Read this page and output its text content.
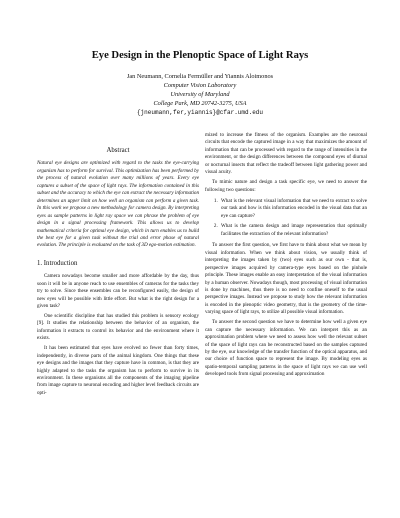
Eye Design in the Plenoptic Space of Light Rays
Jan Neumann, Cornelia Fermüller and Yiannis Aloimonos
Computer Vision Laboratory
University of Maryland
College Park, MD 20742-3275, USA
{jneumann,fer,yiannis}@cfar.umd.edu
Abstract

Natural eye designs are optimized with regard to the tasks the eye-carrying organism has to perform for survival. This optimization has been performed by the process of natural evolution over many millions of years. Every eye captures a subset of the space of light rays. The information contained in this subset and the accuracy to which the eye can extract the necessary information determines an upper limit on how well an organism can perform a given task. In this work we propose a new methodology for camera design. By interpreting eyes as sample patterns in light ray space we can phrase the problem of eye design in a signal processing framework. This allows us to develop mathematical criteria for optimal eye design, which in turn enables us to build the best eye for a given task without the trial and error phase of natural evolution. The principle is evaluated on the task of 3D ego-motion estimation.

1. Introduction

Camera nowadays become smaller and more affordable by the day, thus soon it will be in anyone reach to use ensembles of cameras for the tasks they try to solve. Since these ensembles can be reconfigured easily, the design of new eyes will be possible with little effort. But what is the right design for a given task?

One scientific discipline that has studied this problem is sensory ecology [9]. It studies the relationship between the behavior of an organism, the information it extracts to control its behavior and the environment where it exists.

It has been estimated that eyes have evolved no fewer than forty times, independently, in diverse parts of the animal kingdom. One things that these eye designs and the images that they capture have in common, is that they are highly adapted to the tasks the organism has to perform to survive in its environment. In these organisms all the components of the imaging pipeline from image capture to neuronal encoding and higher level feedback circuits are opti-

mized to increase the fitness of the organism. Examples are the neuronal circuits that encode the captured image in a way that maximizes the amount of information that can be processed with regard to the range of intensities in the environment, or the design differences between the compound eyes of diurnal or nocturnal insects that reflect the tradeoff between light gathering power and visual acuity.

To mimic nature and design a task specific eye, we need to answer the following two questions:

1. What is the relevant visual information that we need to extract to solve our task and how is this information encoded in the visual data that an eye can capture?
2. What is the camera design and image representation that optimally facilitates the extraction of the relevant information?

To answer the first question, we first have to think about what we mean by visual information. When we think about vision, we usually think of interpreting the images taken by (two) eyes such as our own - that is, perspective images acquired by camera-type eyes based on the pinhole principle. These images enable an easy interpretation of the visual information by a human observer. Nowadays though, most processing of visual information is done by machines, thus there is no need to confine oneself to the usual perspective images. Instead we propose to study how the relevant information is encoded in the plenoptic video geometry, that is the geometry of the time-varying space of light rays, to utilize all possible visual information.

To answer the second question we have to determine how well a given eye can capture the necessary information. We can interpret this as an approximation problem where we need to assess how well the relevant subset of the space of light rays can be reconstructed based on the samples captured by the eye, our knowledge of the transfer function of the optical apparatus, and our choice of function space to represent the image. By modeling eyes as spatio-temporal sampling patterns in the space of light rays we can use well developed tools from signal processing and approximation
